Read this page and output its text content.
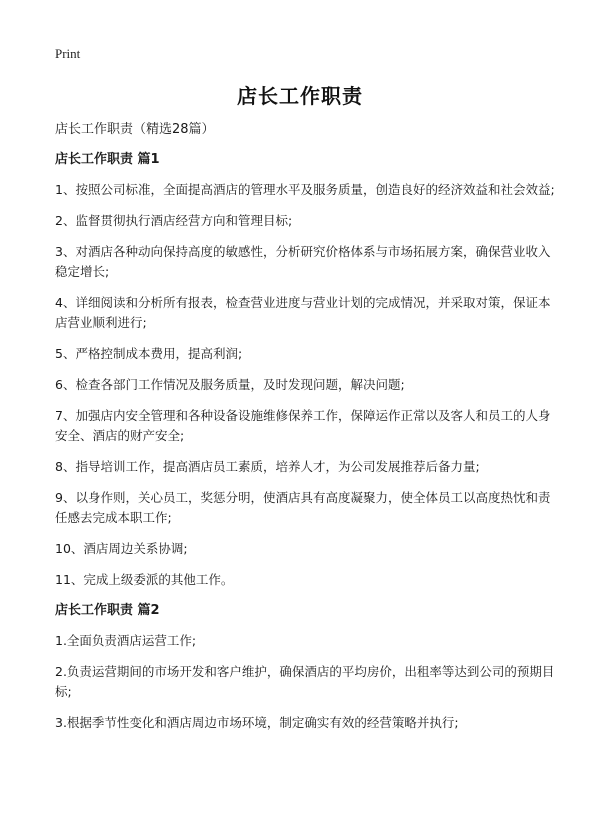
Print
店长工作职责
店长工作职责（精选28篇）
店长工作职责 篇1
1、按照公司标准，全面提高酒店的管理水平及服务质量，创造良好的经济效益和社会效益;
2、监督贯彻执行酒店经营方向和管理目标;
3、对酒店各种动向保持高度的敏感性，分析研究价格体系与市场拓展方案，确保营业收入稳定增长;
4、详细阅读和分析所有报表，检查营业进度与营业计划的完成情况，并采取对策，保证本店营业顺利进行;
5、严格控制成本费用，提高利润;
6、检查各部门工作情况及服务质量，及时发现问题，解决问题;
7、加强店内安全管理和各种设备设施维修保养工作，保障运作正常以及客人和员工的人身安全、酒店的财产安全;
8、指导培训工作，提高酒店员工素质，培养人才，为公司发展推荐后备力量;
9、以身作则，关心员工，奖惩分明，使酒店具有高度凝聚力，使全体员工以高度热忱和责任感去完成本职工作;
10、酒店周边关系协调;
11、完成上级委派的其他工作。
店长工作职责 篇2
1.全面负责酒店运营工作;
2.负责运营期间的市场开发和客户维护，确保酒店的平均房价，出租率等达到公司的预期目标;
3.根据季节性变化和酒店周边市场环境，制定确实有效的经营策略并执行;
